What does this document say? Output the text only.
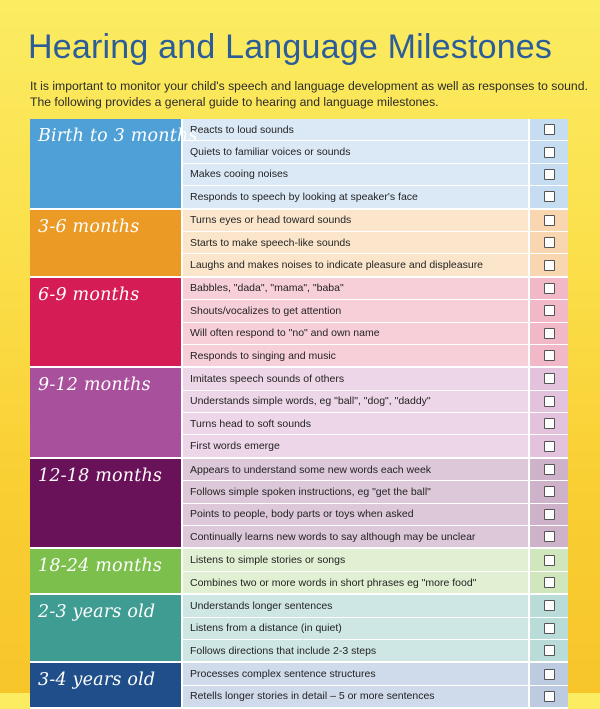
Hearing and Language Milestones

It is important to monitor your child's speech and language development as well as responses to sound.

The following provides a general guide to hearing and language milestones.

Birth to 3 months
Reacts to loud sounds
Quiets to familiar voices or sounds
Makes cooing noises
Responds to speech by looking at speaker's face
3-6 months	Turns eyes or head toward sounds
Starts to make speech-like sounds
Laughs and makes noises to indicate pleasure and displeasure
6-9 months	Babbles, "dada", "mama", "baba"
Shouts/vocalizes to get attention
Will often respond to "no" and own name
Responds to singing and music
9-12 months	Imitates speech sounds of others
Understands simple words, eg "ball", "dog", "daddy"
Turns head to soft sounds
First words emerge
12-18 months	Appears to understand some new words each week
Follows simple spoken instructions, eg "get the ball"
Points to people, body parts or toys when asked
Continually learns new words to say although may be unclear
18-24 months	Listens to simple stories or songs
Combines two or more words in short phrases eg "more food"
2-3 years old	Understands longer sentences
Listens from a distance (in quiet)
Follows directions that include 2-3 steps
3-4 years old	Processes complex sentence structures
Retells longer stories in detail – 5 or more sentences
